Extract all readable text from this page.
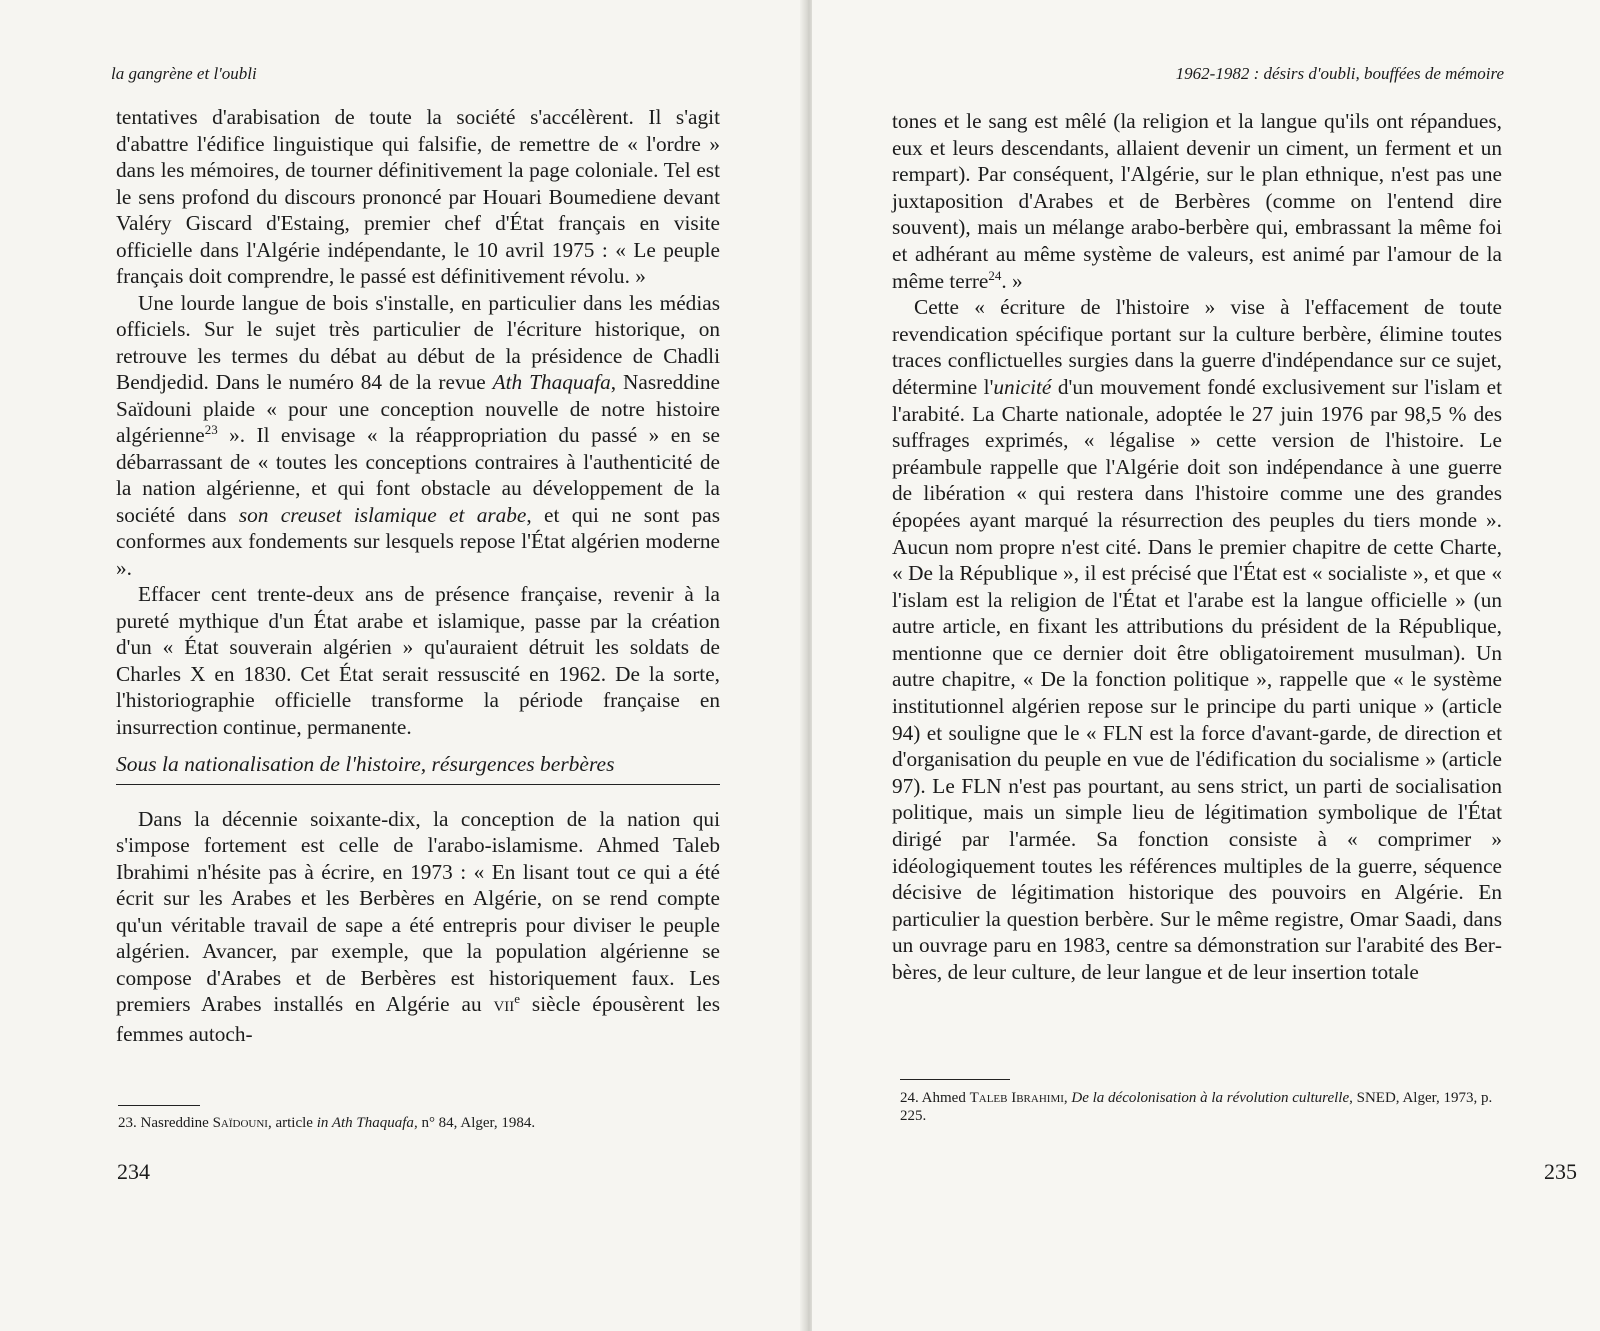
la gangrène et l'oubli

tentatives d'arabisation de toute la société s'accélèrent. Il s'agit d'abattre l'édifice linguistique qui falsifie, de remettre de « l'ordre » dans les mémoires, de tourner définitivement la page coloniale. Tel est le sens profond du discours prononcé par Houari Boumediene devant Valéry Giscard d'Estaing, premier chef d'État français en visite officielle dans l'Algérie indépendante, le 10 avril 1975 : « Le peuple français doit comprendre, le passé est définitivement révolu. »

Une lourde langue de bois s'installe, en particulier dans les médias officiels. Sur le sujet très particulier de l'écriture historique, on retrouve les termes du débat au début de la présidence de Chadli Bendjedid. Dans le numéro 84 de la revue Ath Thaquafa, Nasreddine Saïdouni plaide « pour une conception nouvelle de notre histoire algérienne$^{23}$ ». Il envisage « la réappropriation du passé » en se débarrassant de « toutes les conceptions contraires à l'authenticité de la nation algérienne, et qui font obstacle au développement de la société dans son creuset islamique et arabe, et qui ne sont pas conformes aux fondements sur lesquels repose l'État algérien moderne ».

Effacer cent trente-deux ans de présence française, revenir à la pureté mythique d'un État arabe et islamique, passe par la création d'un « État souverain algérien » qu'auraient détruit les soldats de Charles X en 1830. Cet État serait ressuscité en 1962. De la sorte, l'historiographie officielle transforme la période française en insurrection continue, permanente.

Sous la nationalisation de l'histoire, résurgences berbères

Dans la décennie soixante-dix, la conception de la nation qui s'impose fortement est celle de l'arabo-islamisme. Ahmed Taleb Ibrahimi n'hésite pas à écrire, en 1973 : « En lisant tout ce qui a été écrit sur les Arabes et les Berbères en Algérie, on se rend compte qu'un véritable travail de sape a été entrepris pour diviser le peuple algérien. Avancer, par exemple, que la population algérienne se compose d'Arabes et de Berbères est historiquement faux. Les premiers Arabes installés en Algérie au VIIe siècle épousèrent les femmes autoch-

23. Nasreddine Saïdouni, article in Ath Thaquafa, n° 84, Alger, 1984.
234
1962-1982 : désirs d'oubli, bouffées de mémoire

tones et le sang est mêlé (la religion et la langue qu'ils ont répandues, eux et leurs descendants, allaient devenir un ciment, un ferment et un rempart). Par conséquent, l'Algérie, sur le plan ethnique, n'est pas une juxtaposition d'Arabes et de Berbères (comme on l'entend dire souvent), mais un mélange arabo-berbère qui, embrassant la même foi et adhérant au même système de valeurs, est animé par l'amour de la même terre$^{24}$. »

Cette « écriture de l'histoire » vise à l'effacement de toute revendication spécifique portant sur la culture berbère, élimine toutes traces conflictuelles surgies dans la guerre d'indépendance sur ce sujet, détermine l'unicité d'un mouvement fondé exclusivement sur l'islam et l'arabité. La Charte nationale, adoptée le 27 juin 1976 par 98,5 % des suffrages exprimés, « légalise » cette version de l'histoire. Le préambule rappelle que l'Algérie doit son indépendance à une guerre de libération « qui restera dans l'histoire comme une des grandes épopées ayant marqué la résurrection des peuples du tiers monde ». Aucun nom propre n'est cité. Dans le premier chapitre de cette Charte, « De la République », il est précisé que l'État est « socialiste », et que « l'islam est la religion de l'État et l'arabe est la langue officielle » (un autre article, en fixant les attributions du président de la République, mentionne que ce dernier doit être obligatoirement musulman). Un autre chapitre, « De la fonction politique », rappelle que « le système institutionnel algérien repose sur le principe du parti unique » (article 94) et souligne que le « FLN est la force d'avant-garde, de direction et d'organisation du peuple en vue de l'édification du socialisme » (article 97). Le FLN n'est pas pourtant, au sens strict, un parti de socialisation politique, mais un simple lieu de légitimation symbolique de l'État dirigé par l'armée. Sa fonction consiste à « comprimer » idéologiquement toutes les références multiples de la guerre, séquence décisive de légitimation historique des pouvoirs en Algérie. En particulier la question berbère. Sur le même registre, Omar Saadi, dans un ouvrage paru en 1983, centre sa démonstration sur l'arabité des Berbères, de leur culture, de leur langue et de leur insertion totale

24. Ahmed Taleb Ibrahimi, De la décolonisation à la révolution culturelle, SNED, Alger, 1973, p. 225.
235
